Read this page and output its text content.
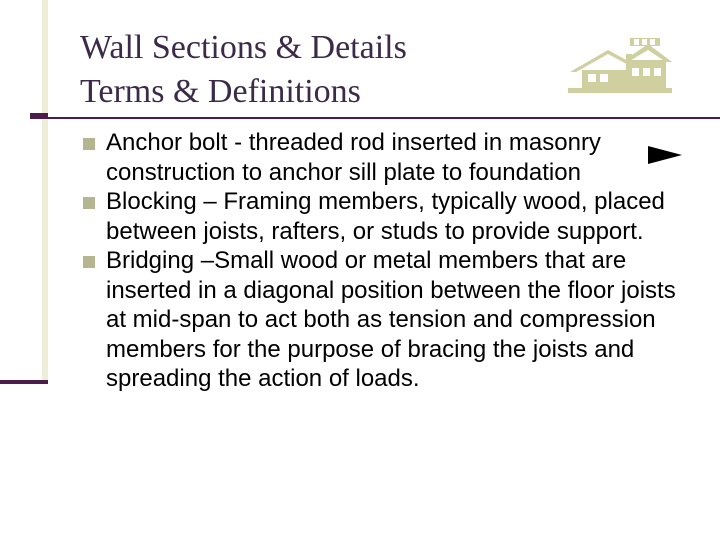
Wall Sections & Details
Terms & Definitions
Anchor bolt - threaded rod inserted in masonry construction to anchor sill plate to foundation
Blocking – Framing members, typically wood, placed between joists, rafters, or studs to provide support.
Bridging –Small wood or metal members that are inserted in a diagonal position between the floor joists at mid-span to act both as tension and compression members for the purpose of bracing the joists and spreading the action of loads.
